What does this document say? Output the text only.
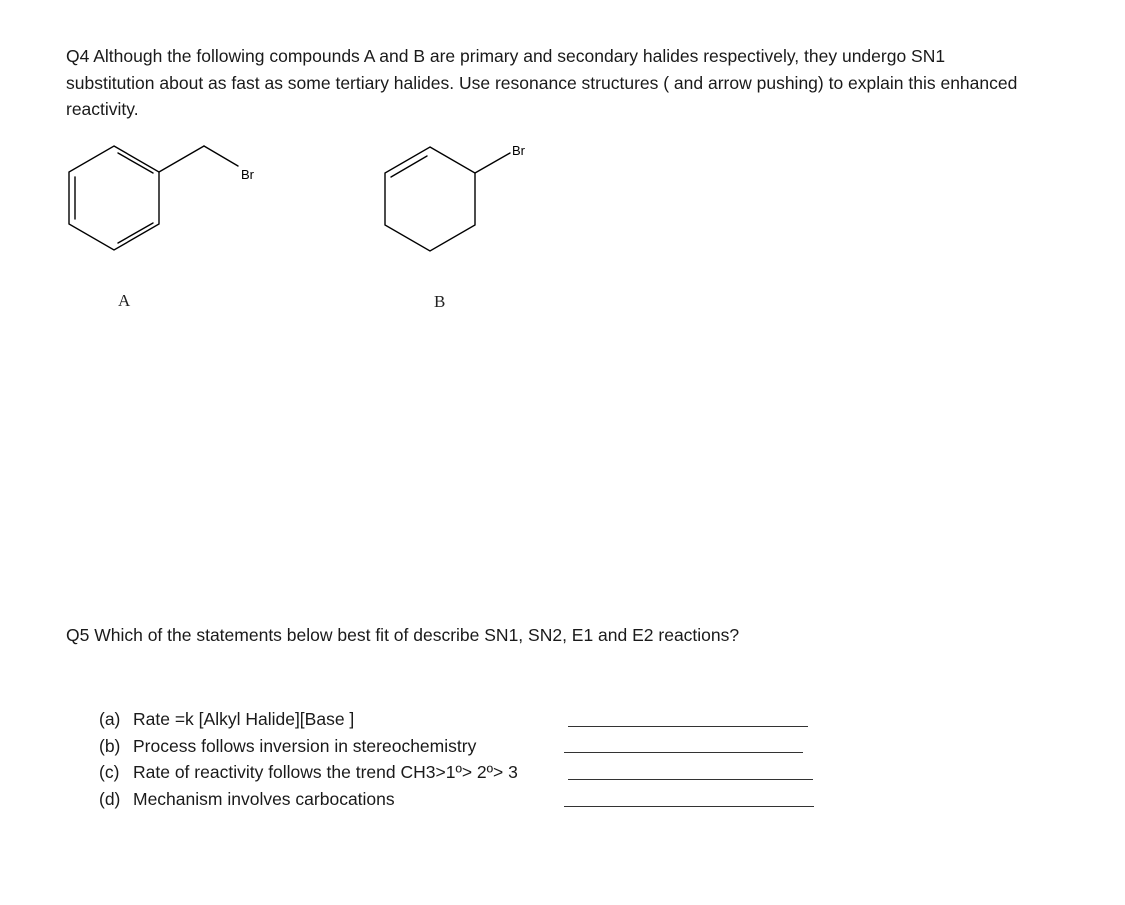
Q4 Although the following compounds A and B are primary and secondary halides respectively, they undergo SN1 substitution about as fast as some tertiary halides. Use resonance structures ( and arrow pushing) to explain this enhanced reactivity.

Br
A
Br
B
Q5 Which of the statements below best fit of describe SN1, SN2, E1 and E2 reactions?
(a) Rate =k [Alkyl Halide][Base ]
(b) Process follows inversion in stereochemistry
(c) Rate of reactivity follows the trend CH3>1º> 2º> 3
(d) Mechanism involves carbocations
